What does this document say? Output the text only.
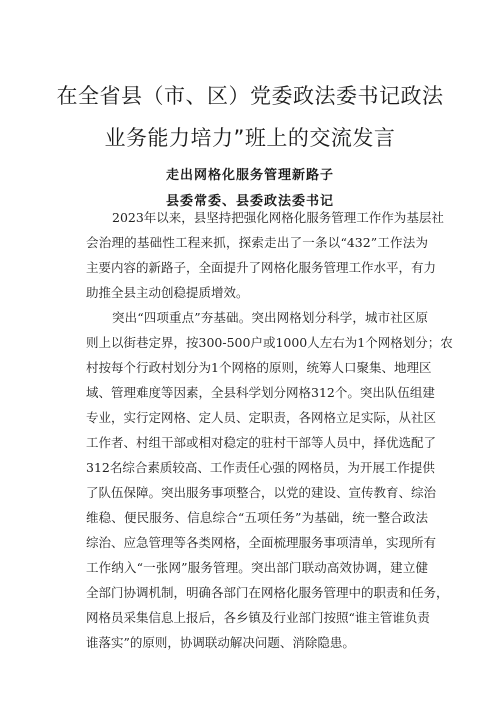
在全省县（市、区）党委政法委书记政法
业务能力培力”班上的交流发言
走出网格化服务管理新路子
县委常委、县委政法委书记
2023年以来，县坚持把强化网格化服务管理工作作为基层社
会治理的基础性工程来抓，探索走出了一条以“432”工作法为
主要内容的新路子，全面提升了网格化服务管理工作水平，有力
助推全县主动创稳提质增效。
突出“四项重点”夯基础。突出网格划分科学，城市社区原
则上以街巷定界，按300-500户或1000人左右为1个网格划分；农
村按每个行政村划分为1个网格的原则，统筹人口聚集、地理区
域、管理难度等因素，全县科学划分网格312个。突出队伍组建
专业，实行定网格、定人员、定职责，各网格立足实际，从社区
工作者、村组干部或相对稳定的驻村干部等人员中，择优选配了
312名综合素质较高、工作责任心强的网格员，为开展工作提供
了队伍保障。突出服务事项整合，以党的建设、宣传教育、综治
维稳、便民服务、信息综合“五项任务”为基础，统一整合政法
综治、应急管理等各类网格，全面梳理服务事项清单，实现所有
工作纳入“一张网”服务管理。突出部门联动高效协调，建立健
全部门协调机制，明确各部门在网格化服务管理中的职责和任务，
网格员采集信息上报后，各乡镇及行业部门按照“谁主管谁负责
谁落实”的原则，协调联动解决问题、消除隐患。
